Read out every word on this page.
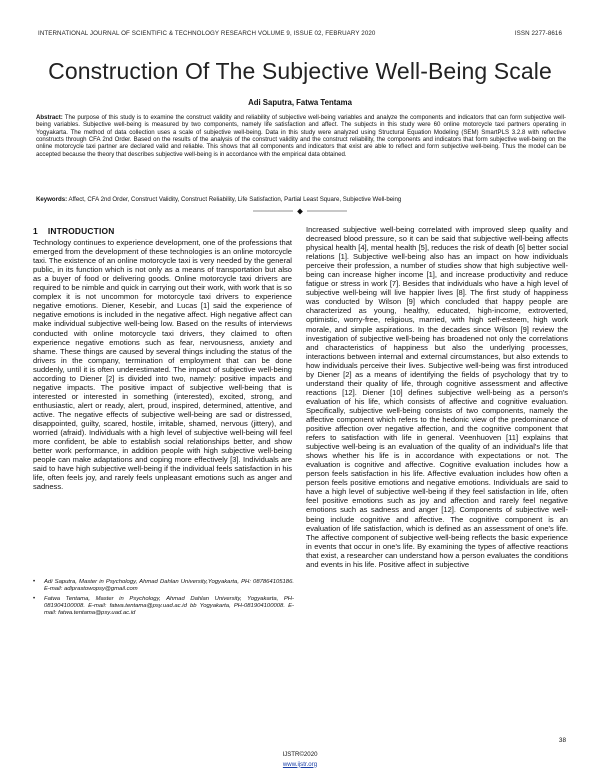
INTERNATIONAL JOURNAL OF SCIENTIFIC & TECHNOLOGY RESEARCH VOLUME 9, ISSUE 02, FEBRUARY 2020	ISSN 2277-8616
Construction Of The Subjective Well-Being Scale
Adi Saputra, Fatwa Tentama
Abstract: The purpose of this study is to examine the construct validity and reliability of subjective well-being variables and analyze the components and indicators that can form subjective well-being variables. Subjective well-being is measured by two components, namely life satisfaction and affect. The subjects in this study were 60 online motorcycle taxi partners operating in Yogyakarta. The method of data collection uses a scale of subjective well-being. Data in this study were analyzed using Structural Equation Modeling (SEM) SmartPLS 3.2.8 with reflective constructs through CFA 2nd Order. Based on the results of the analysis of the construct validity and the construct reliability, the components and indicators that form subjective well-being on the online motorcycle taxi partner are declared valid and reliable. This shows that all components and indicators that exist are able to reflect and form subjective well-being. Thus the model can be accepted because the theory that describes subjective well-being is in accordance with the empirical data obtained.
Keywords: Affect, CFA 2nd Order, Construct Validity, Construct Reliability, Life Satisfaction, Partial Least Square, Subjective Well-being
◆
1 INTRODUCTION
Technology continues to experience development, one of the professions that emerged from the development of these technologies is an online motorcycle taxi. The existence of an online motorcycle taxi is very needed by the general public, in its function which is not only as a means of transportation but also as a buyer of food or delivering goods. Online motorcycle taxi drivers are required to be nimble and quick in carrying out their work, with work that is so complex it is not uncommon for motorcycle taxi drivers to experience negative emotions. Diener, Kesebir, and Lucas [1] said the experience of negative emotions is included in the negative affect. High negative affect can make individual subjective well-being low. Based on the results of interviews conducted with online motorcycle taxi drivers, they claimed to often experience negative emotions such as fear, nervousness, anxiety and shame. These things are caused by several things including the status of the drivers in the company, termination of employment that can be done suddenly, until it is often underestimated. The impact of subjective well-being according to Diener [2] is divided into two, namely: positive impacts and negative impacts. The positive impact of subjective well-being that is interested or interested in something (interested), excited, strong, and enthusiastic, alert or ready, alert, proud, inspired, determined, attentive, and active. The negative effects of subjective well-being are sad or distressed, disappointed, guilty, scared, hostile, irritable, shamed, nervous (jittery), and worried (afraid). Individuals with a high level of subjective well-being will feel more confident, be able to establish social relationships better, and show better work performance, in addition people with high subjective well-being people can make adaptations and coping more effectively [3]. Individuals are said to have high subjective well-being if the individual feels satisfaction in his life, often feels joy, and rarely feels unpleasant emotions such as anger and sadness.
Increased subjective well-being correlated with improved sleep quality and decreased blood pressure, so it can be said that subjective well-being affects physical health [4], mental health [5], reduces the risk of death [6] better social relations [1]. Subjective well-being also has an impact on how individuals perceive their profession, a number of studies show that high subjective well-being can increase higher income [1], and increase productivity and reduce fatigue or stress in work [7]. Besides that individuals who have a high level of subjective well-being will live happier lives [8]. The first study of happiness was conducted by Wilson [9] which concluded that happy people are characterized as young, healthy, educated, high-income, extroverted, optimistic, worry-free, religious, married, with high self-esteem, high work morale, and simple aspirations. In the decades since Wilson [9] review the investigation of subjective well-being has broadened not only the correlations and characteristics of happiness but also the underlying processes, interactions between internal and external circumstances, but also extends to how individuals perceive their lives. Subjective well-being was first introduced by Diener [2] as a means of identifying the fields of psychology that try to understand their quality of life, through cognitive assessment and affective reactions [12]. Diener [10] defines subjective well-being as a person's evaluation of his life, which consists of affective and cognitive evaluation. Specifically, subjective well-being consists of two components, namely the affective component which refers to the hedonic view of the predominance of positive affection over negative affection, and the cognitive component that refers to satisfaction with life in general. Veenhuoven [11] explains that subjective well-being is an evaluation of the quality of an individual's life that shows whether his life is in accordance with expectations or not. The evaluation is cognitive and affective. Cognitive evaluation includes how a person feels satisfaction in his life. Affective evaluation includes how often a person feels positive emotions and negative emotions. Individuals are said to have a high level of subjective well-being if they feel satisfaction in life, often feel positive emotions such as joy and affection and rarely feel negative emotions such as sadness and anger [12]. Components of subjective well-being include cognitive and affective. The cognitive component is an evaluation of life satisfaction, which is defined as an assessment of one's life. The affective component of subjective well-being reflects the basic experience in events that occur in one's life. By examining the types of affective reactions that exist, a researcher can understand how a person evaluates the conditions and events in his life. Positive affect in subjective
•	Adi Saputra, Master in Psychology, Ahmad Dahlan University,Yogyakarta, PH: 087864105186. E-mail: adiprastowopsy@gmail.com
•	Fatwa Tentama, Master in Psychology, Ahmad Dahlan University, Yogyakarta, PH-081904100008. E-mail: fatwa.tentama@psy.uad.ac.id bb Yogyakarta, PH-081904100008. E-mail: fatwa.tentama@psy.uad.ac.id
38
IJSTR©2020
www.ijstr.org
